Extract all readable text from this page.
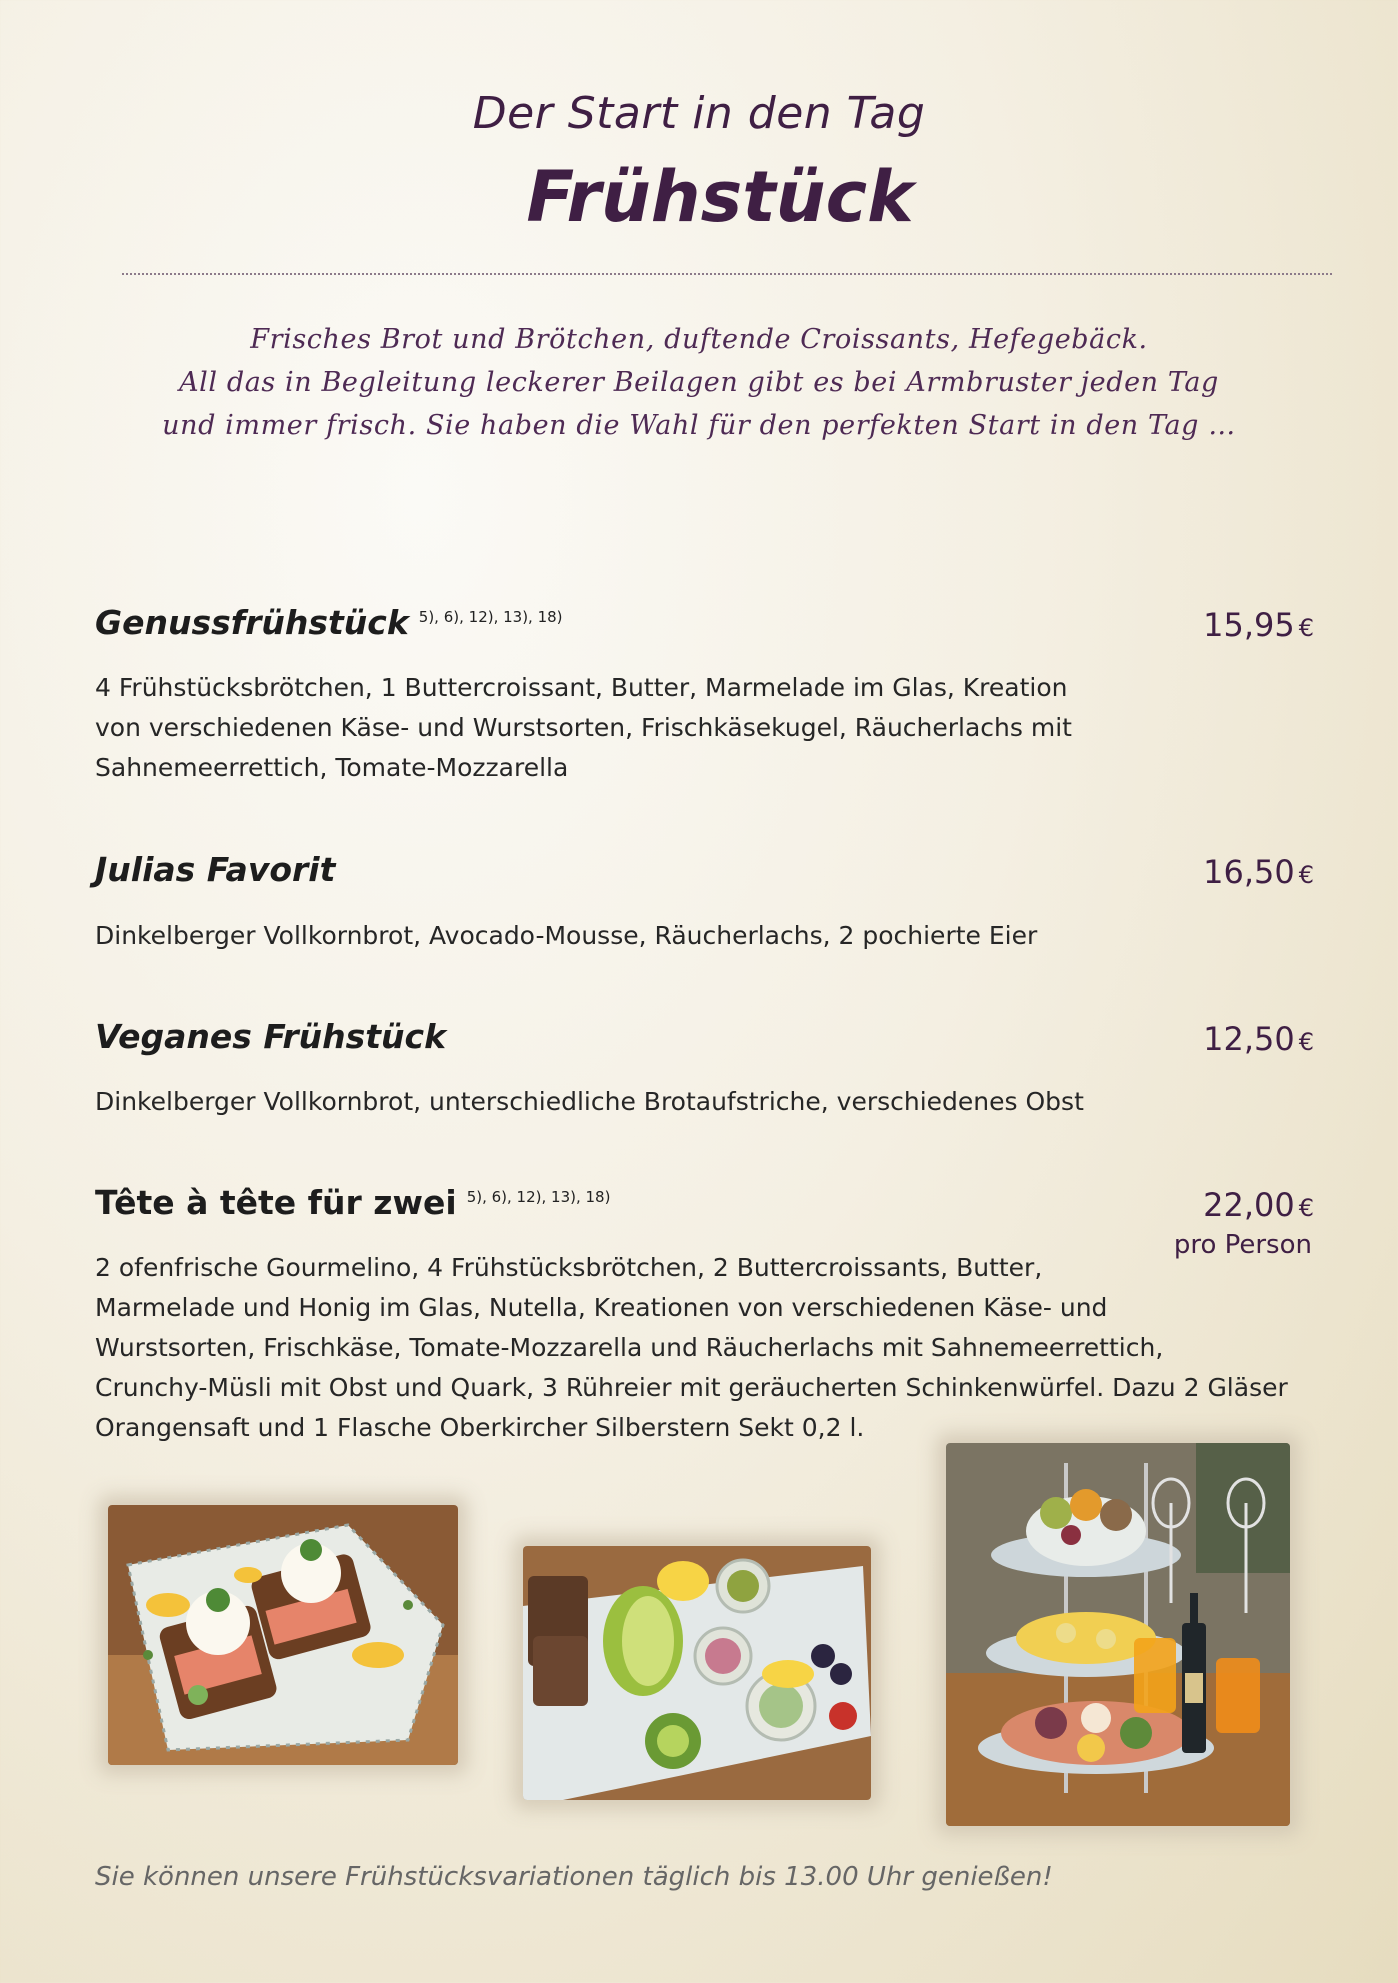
Der Start in den Tag
Frühstück
Frisches Brot und Brötchen, duftende Croissants, Hefegebäck.
All das in Begleitung leckerer Beilagen gibt es bei Armbruster jeden Tag
und immer frisch. Sie haben die Wahl für den perfekten Start in den Tag …
Genussfrühstück $^{5), 6), 12), 13), 18)}$	15,95 €
4 Frühstücksbrötchen, 1 Buttercroissant, Butter, Marmelade im Glas, Kreation
von verschiedenen Käse- und Wurstsorten, Frischkäsekugel, Räucherlachs mit
Sahnemeerrettich, Tomate-Mozzarella
Julias Favorit	16,50 €
Dinkelberger Vollkornbrot, Avocado-Mousse, Räucherlachs, 2 pochierte Eier
Veganes Frühstück	12,50 €
Dinkelberger Vollkornbrot, unterschiedliche Brotaufstriche, verschiedenes Obst
Tête à tête für zwei $^{5), 6), 12), 13), 18)}$	22,00 €
pro Person
2 ofenfrische Gourmelino, 4 Frühstücksbrötchen, 2 Buttercroissants, Butter,
Marmelade und Honig im Glas, Nutella, Kreationen von verschiedenen Käse- und
Wurstsorten, Frischkäse, Tomate-Mozzarella und Räucherlachs mit Sahnemeerrettich,
Crunchy-Müsli mit Obst und Quark, 3 Rühreier mit geräucherten Schinkenwürfel. Dazu 2 Gläser
Orangensaft und 1 Flasche Oberkircher Silberstern Sekt 0,2 l.
Sie können unsere Frühstücksvariationen täglich bis 13.00 Uhr genießen!
